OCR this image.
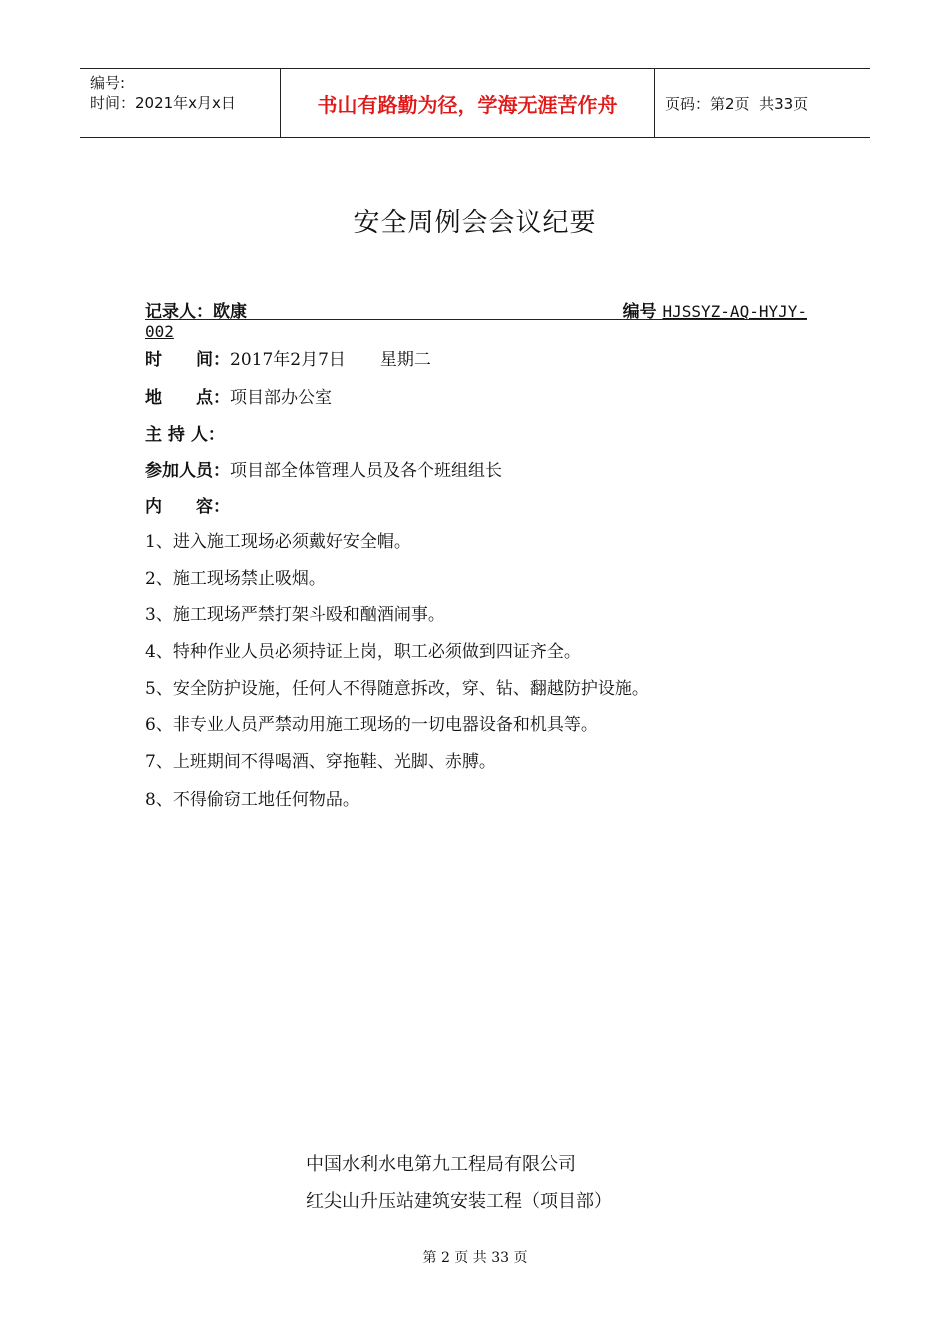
编号:
时间：2021年x月x日	书山有路勤为径，学海无涯苦作舟	页码：第2页  共33页
安全周例会会议纪要
记录人：欧康	编号 HJSSYZ-AQ-HYJY-
002
时　　间：2017年2月7日　　星期二
地　　点：项目部办公室
主 持 人：
参加人员：项目部全体管理人员及各个班组组长
内　　容：
1、进入施工现场必须戴好安全帽。
2、施工现场禁止吸烟。
3、施工现场严禁打架斗殴和酗酒闹事。
4、特种作业人员必须持证上岗，职工必须做到四证齐全。
5、安全防护设施，任何人不得随意拆改，穿、钻、翻越防护设施。
6、非专业人员严禁动用施工现场的一切电器设备和机具等。
7、上班期间不得喝酒、穿拖鞋、光脚、赤膊。
8、不得偷窃工地任何物品。
中国水利水电第九工程局有限公司
红尖山升压站建筑安装工程（项目部）
第 2 页 共 33 页
